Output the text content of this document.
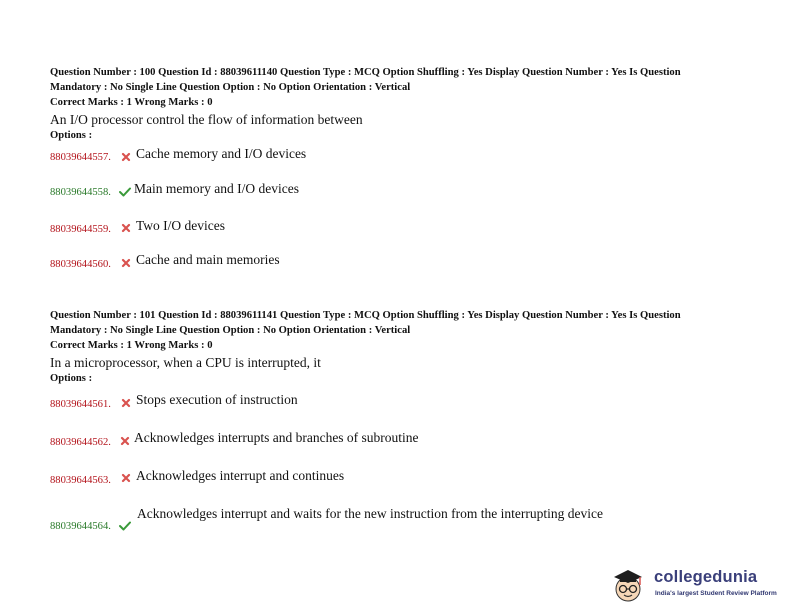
Question Number : 100 Question Id : 88039611140 Question Type : MCQ Option Shuffling : Yes Display Question Number : Yes Is Question

Mandatory : No Single Line Question Option : No Option Orientation : Vertical

Correct Marks : 1 Wrong Marks : 0

An I/O processor control the flow of information between

Options :

88039644557. Cache memory and I/O devices
88039644558. Main memory and I/O devices
88039644559. Two I/O devices
88039644560. Cache and main memories

Question Number : 101 Question Id : 88039611141 Question Type : MCQ Option Shuffling : Yes Display Question Number : Yes Is Question

Mandatory : No Single Line Question Option : No Option Orientation : Vertical

Correct Marks : 1 Wrong Marks : 0

In a microprocessor, when a CPU is interrupted, it

Options :

88039644561. Stops execution of instruction
88039644562. Acknowledges interrupts and branches of subroutine
88039644563. Acknowledges interrupt and continues
88039644564.
Acknowledges interrupt and waits for the new instruction from the interrupting device
collegedunia
India's largest Student Review Platform
